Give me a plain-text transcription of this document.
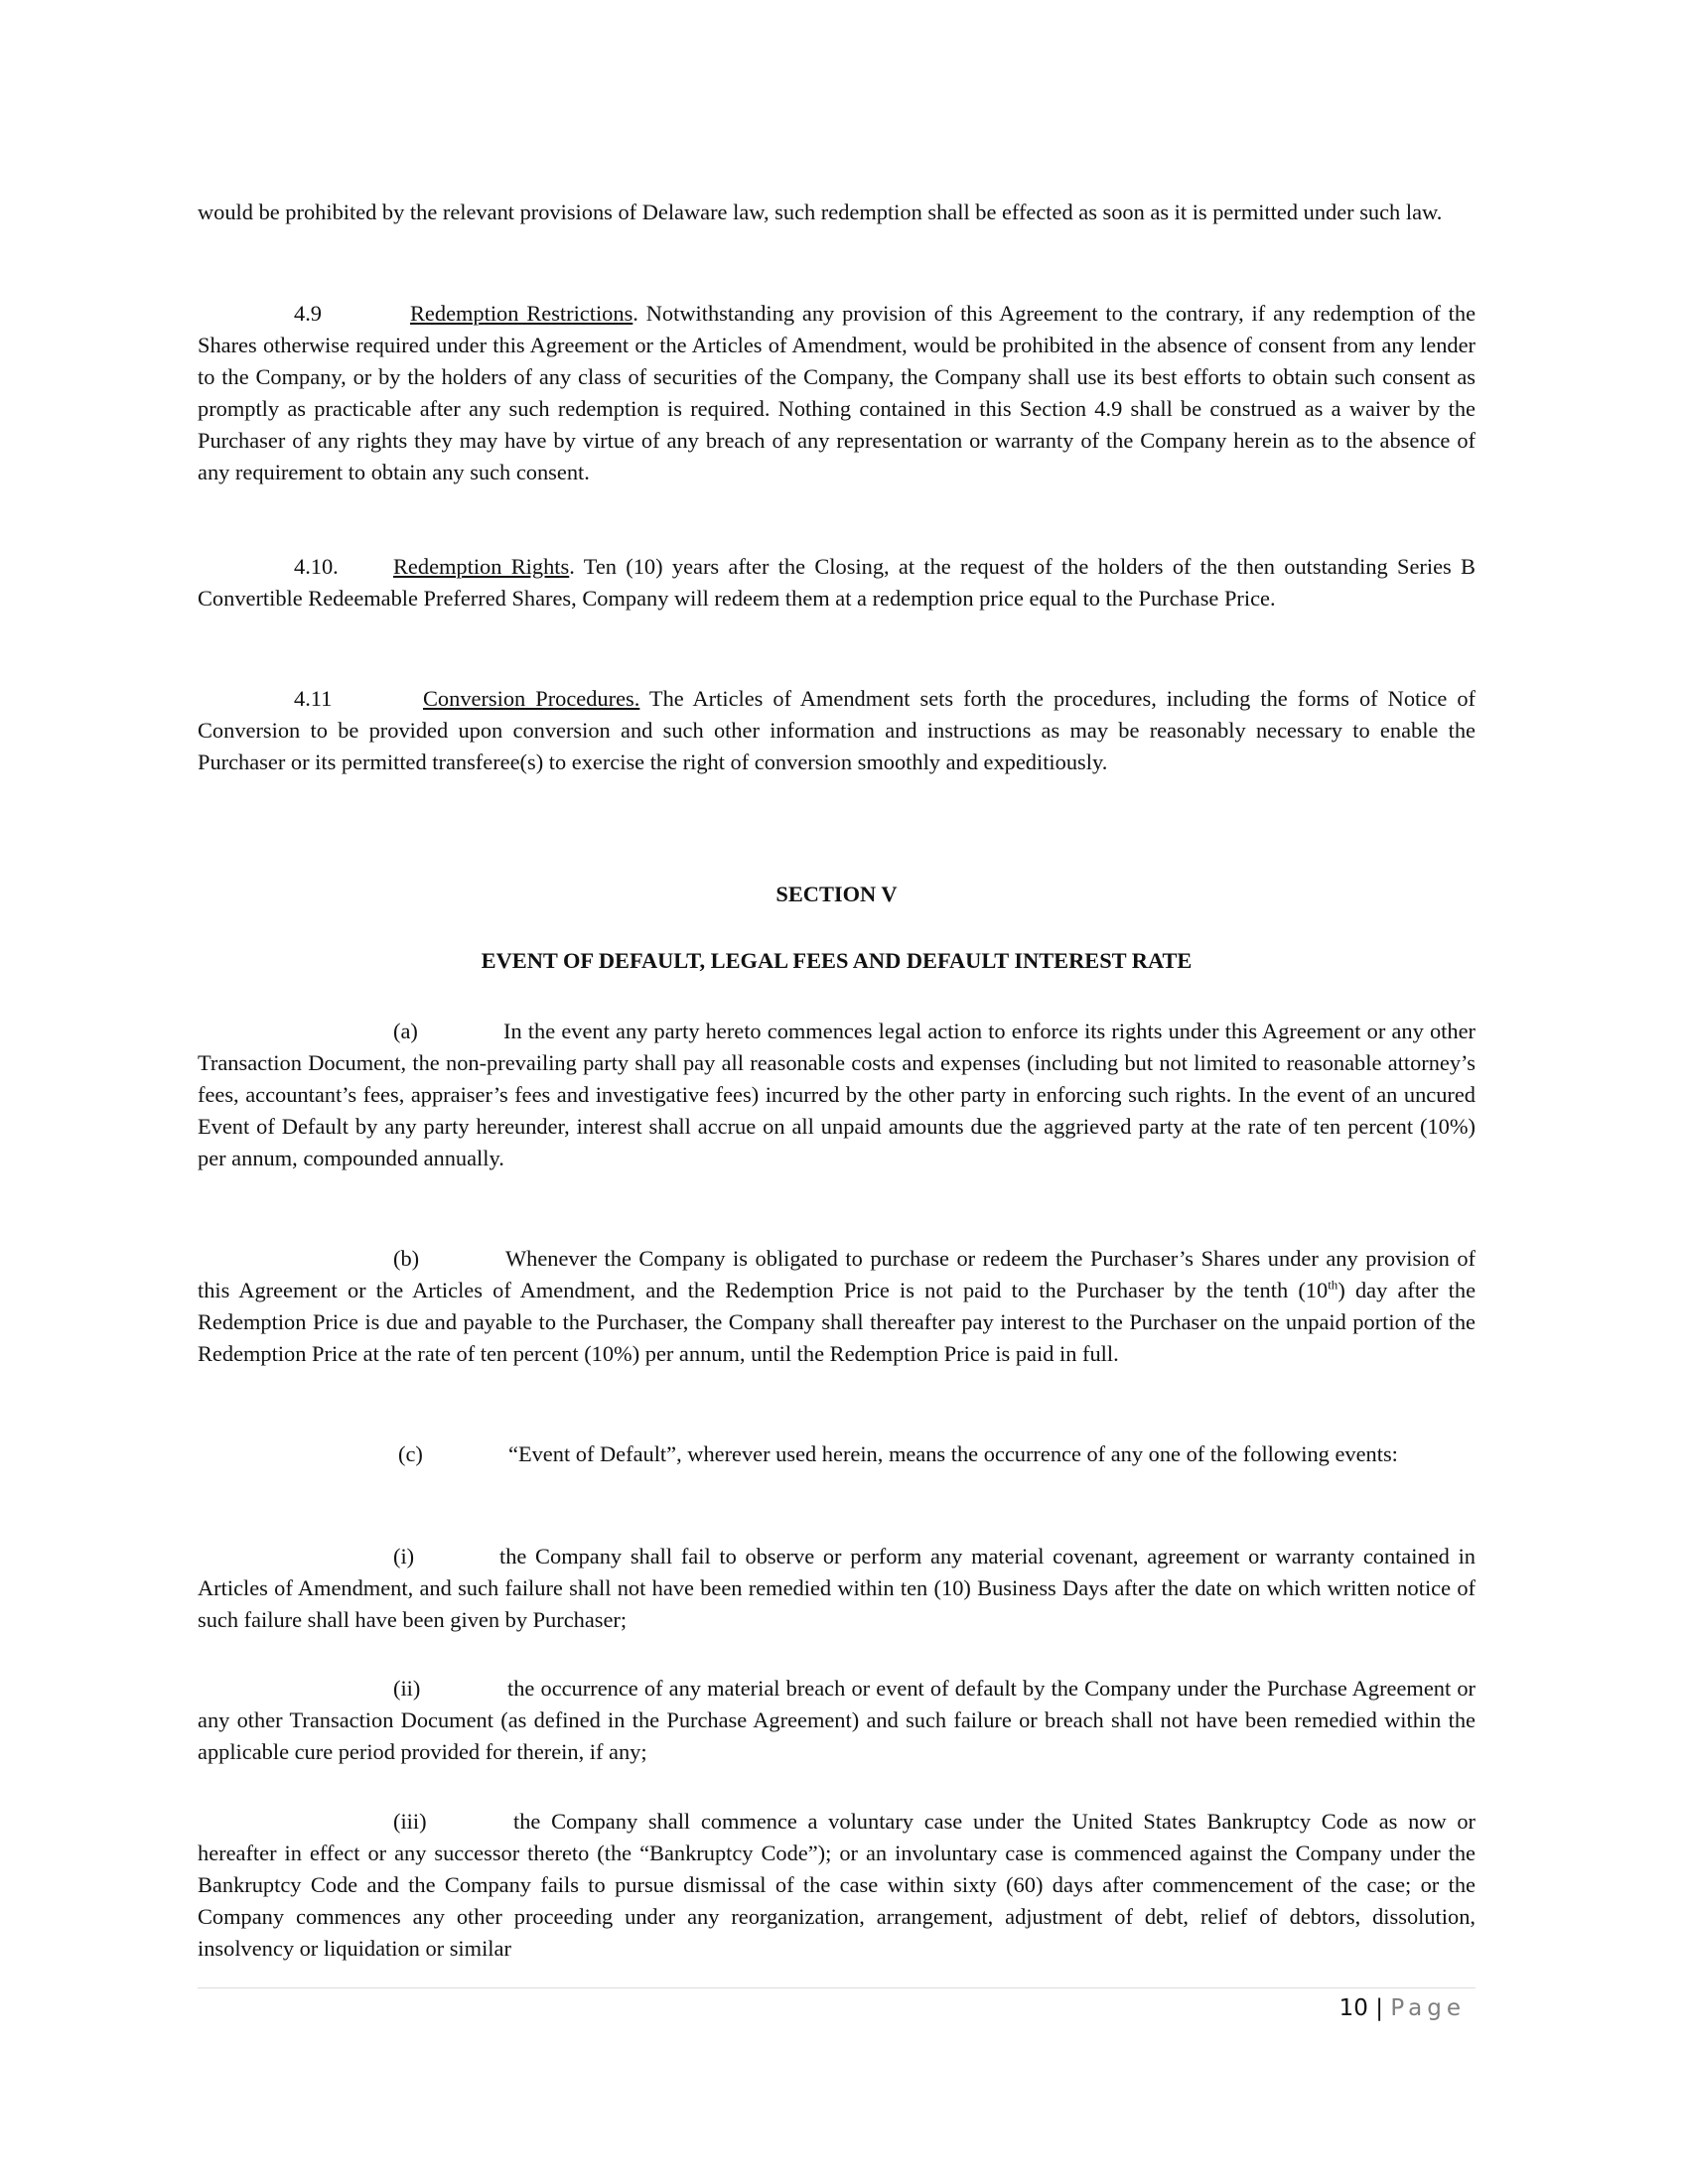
would be prohibited by the relevant provisions of Delaware law, such redemption shall be effected as soon as it is permitted under such law.
4.9	Redemption Restrictions. Notwithstanding any provision of this Agreement to the contrary, if any redemption of the Shares otherwise required under this Agreement or the Articles of Amendment, would be prohibited in the absence of consent from any lender to the Company, or by the holders of any class of securities of the Company, the Company shall use its best efforts to obtain such consent as promptly as practicable after any such redemption is required. Nothing contained in this Section 4.9 shall be construed as a waiver by the Purchaser of any rights they may have by virtue of any breach of any representation or warranty of the Company herein as to the absence of any requirement to obtain any such consent.
4.10. Redemption Rights. Ten (10) years after the Closing, at the request of the holders of the then outstanding Series B Convertible Redeemable Preferred Shares, Company will redeem them at a redemption price equal to the Purchase Price.
4.11	Conversion Procedures. The Articles of Amendment sets forth the procedures, including the forms of Notice of Conversion to be provided upon conversion and such other information and instructions as may be reasonably necessary to enable the Purchaser or its permitted transferee(s) to exercise the right of conversion smoothly and expeditiously.
SECTION V
EVENT OF DEFAULT, LEGAL FEES AND DEFAULT INTEREST RATE
(a)	In the event any party hereto commences legal action to enforce its rights under this Agreement or any other Transaction Document, the non-prevailing party shall pay all reasonable costs and expenses (including but not limited to reasonable attorney’s fees, accountant’s fees, appraiser’s fees and investigative fees) incurred by the other party in enforcing such rights. In the event of an uncured Event of Default by any party hereunder, interest shall accrue on all unpaid amounts due the aggrieved party at the rate of ten percent (10%) per annum, compounded annually.
(b)	Whenever the Company is obligated to purchase or redeem the Purchaser’s Shares under any provision of this Agreement or the Articles of Amendment, and the Redemption Price is not paid to the Purchaser by the tenth (10th) day after the Redemption Price is due and payable to the Purchaser, the Company shall thereafter pay interest to the Purchaser on the unpaid portion of the Redemption Price at the rate of ten percent (10%) per annum, until the Redemption Price is paid in full.
(c)	“Event of Default”, wherever used herein, means the occurrence of any one of the following events:
(i)	the Company shall fail to observe or perform any material covenant, agreement or warranty contained in Articles of Amendment, and such failure shall not have been remedied within ten (10) Business Days after the date on which written notice of such failure shall have been given by Purchaser;
(ii)	the occurrence of any material breach or event of default by the Company under the Purchase Agreement or any other Transaction Document (as defined in the Purchase Agreement) and such failure or breach shall not have been remedied within the applicable cure period provided for therein, if any;
(iii)	the Company shall commence a voluntary case under the United States Bankruptcy Code as now or hereafter in effect or any successor thereto (the “Bankruptcy Code”); or an involuntary case is commenced against the Company under the Bankruptcy Code and the Company fails to pursue dismissal of the case within sixty (60) days after commencement of the case; or the Company commences any other proceeding under any reorganization, arrangement, adjustment of debt, relief of debtors, dissolution, insolvency or liquidation or similar
10 | Page
